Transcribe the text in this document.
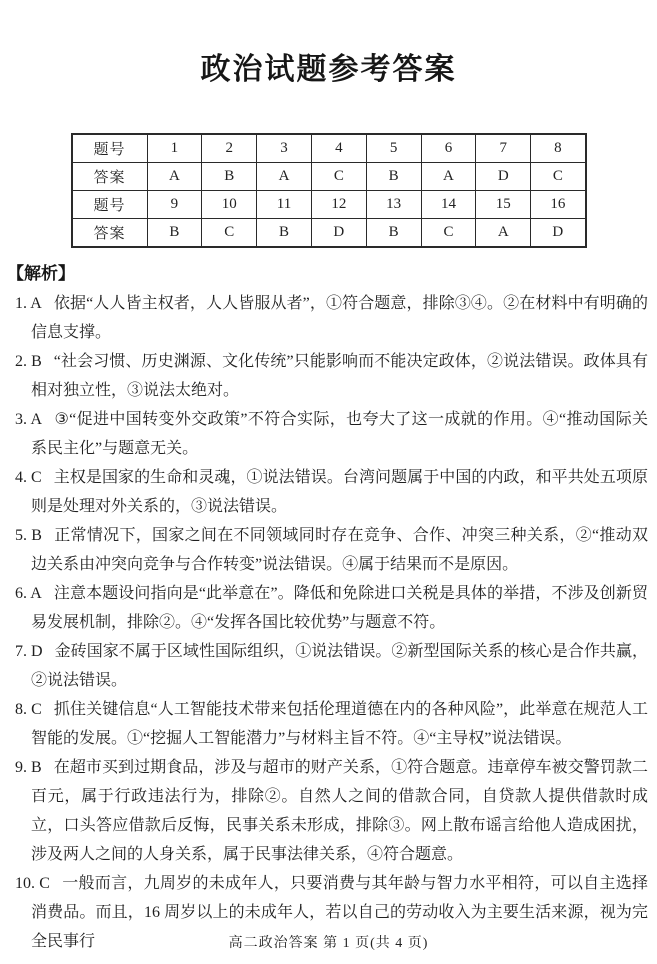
政治试题参考答案
题号	1	2	3	4	5	6	7	8
答案	A	B	A	C	B	A	D	C
题号	9	10	11	12	13	14	15	16
答案	B	C	B	D	B	C	A	D
【解析】

1. A 依据“人人皆主权者，人人皆服从者”，①符合题意，排除③④。②在材料中有明确的信息支撑。

2. B “社会习惯、历史渊源、文化传统”只能影响而不能决定政体，②说法错误。政体具有相对独立性，③说法太绝对。

3. A ③“促进中国转变外交政策”不符合实际，也夸大了这一成就的作用。④“推动国际关系民主化”与题意无关。

4. C 主权是国家的生命和灵魂，①说法错误。台湾问题属于中国的内政，和平共处五项原则是处理对外关系的，③说法错误。

5. B 正常情况下，国家之间在不同领域同时存在竞争、合作、冲突三种关系，②“推动双边关系由冲突向竞争与合作转变”说法错误。④属于结果而不是原因。

6. A 注意本题设问指向是“此举意在”。降低和免除进口关税是具体的举措，不涉及创新贸易发展机制，排除②。④“发挥各国比较优势”与题意不符。

7. D 金砖国家不属于区域性国际组织，①说法错误。②新型国际关系的核心是合作共赢，②说法错误。

8. C 抓住关键信息“人工智能技术带来包括伦理道德在内的各种风险”，此举意在规范人工智能的发展。①“挖掘人工智能潜力”与材料主旨不符。④“主导权”说法错误。

9. B 在超市买到过期食品，涉及与超市的财产关系，①符合题意。违章停车被交警罚款二百元，属于行政违法行为，排除②。自然人之间的借款合同，自贷款人提供借款时成立，口头答应借款后反悔，民事关系未形成，排除③。网上散布谣言给他人造成困扰，涉及两人之间的人身关系，属于民事法律关系，④符合题意。

10. C 一般而言，九周岁的未成年人，只要消费与其年龄与智力水平相符，可以自主选择消费品。而且，16 周岁以上的未成年人，若以自己的劳动收入为主要生活来源，视为完全民事行	高二政治答案 第 1 页(共 4 页)
